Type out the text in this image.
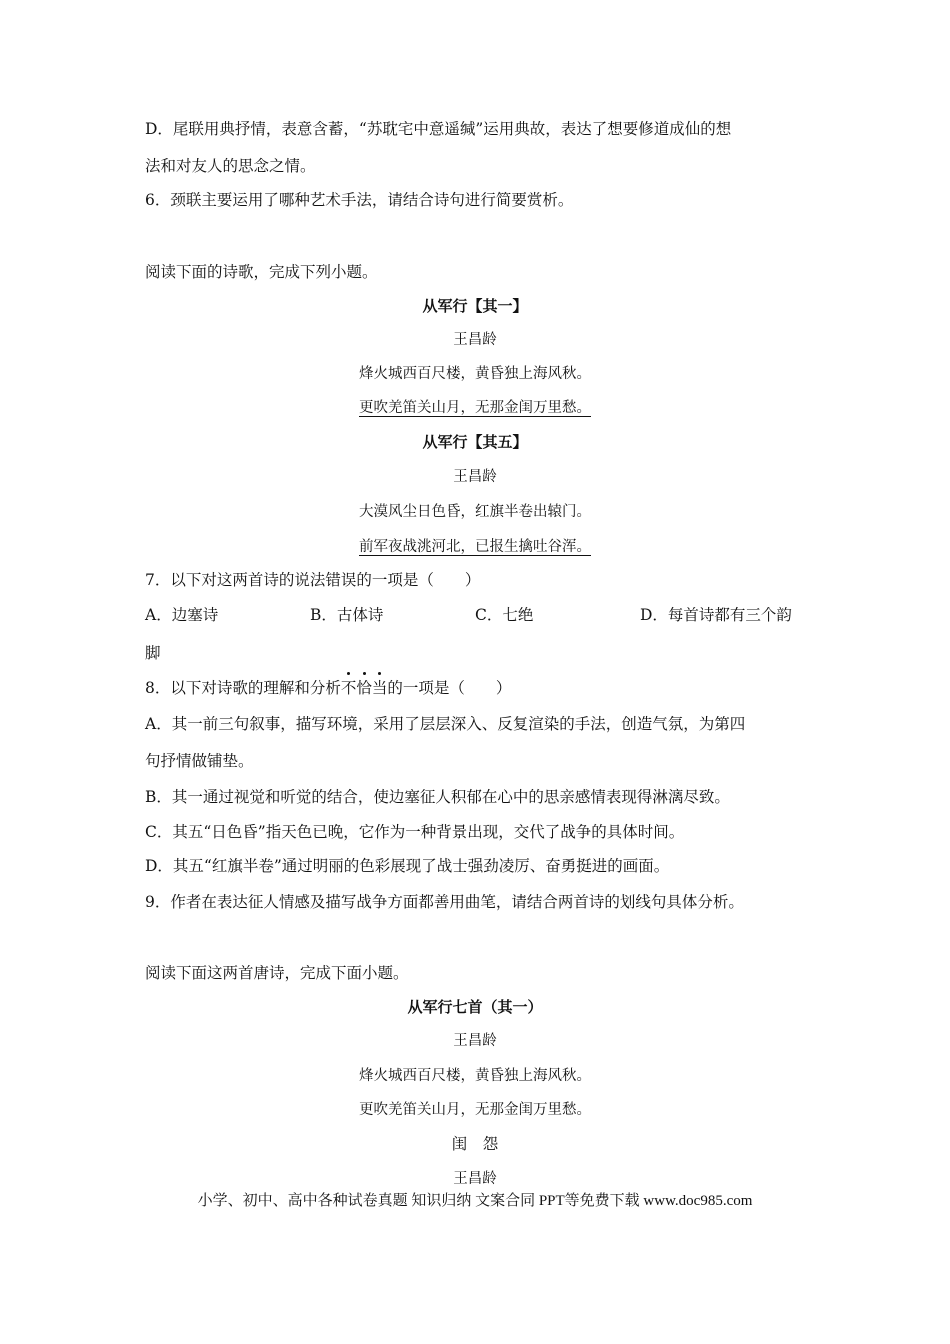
D．尾联用典抒情，表意含蓄，“苏耽宅中意遥缄”运用典故，表达了想要修道成仙的想
法和对友人的思念之情。
6．颈联主要运用了哪种艺术手法，请结合诗句进行简要赏析。
阅读下面的诗歌，完成下列小题。
从军行【其一】
王昌龄
烽火城西百尺楼，黄昏独上海风秋。
更吹羌笛关山月，无那金闺万里愁。
从军行【其五】
王昌龄
大漠风尘日色昏，红旗半卷出辕门。
前军夜战洮河北，已报生擒吐谷浑。
7．以下对这两首诗的说法错误的一项是（　　）
A．边塞诗	B．古体诗	C．七绝	D．每首诗都有三个韵
脚
8．以下对诗歌的理解和分析不恰当的一项是（　　）
A．其一前三句叙事，描写环境，采用了层层深入、反复渲染的手法，创造气氛，为第四
句抒情做铺垫。
B．其一通过视觉和听觉的结合，使边塞征人积郁在心中的思亲感情表现得淋漓尽致。
C．其五“日色昏”指天色已晚，它作为一种背景出现，交代了战争的具体时间。
D．其五“红旗半卷”通过明丽的色彩展现了战士强劲凌厉、奋勇挺进的画面。
9．作者在表达征人情感及描写战争方面都善用曲笔，请结合两首诗的划线句具体分析。
阅读下面这两首唐诗，完成下面小题。
从军行七首（其一）
王昌龄
烽火城西百尺楼，黄昏独上海风秋。
更吹羌笛关山月，无那金闺万里愁。
闺　怨
王昌龄
小学、初中、高中各种试卷真题 知识归纳 文案合同 PPT等免费下载 www.doc985.com
